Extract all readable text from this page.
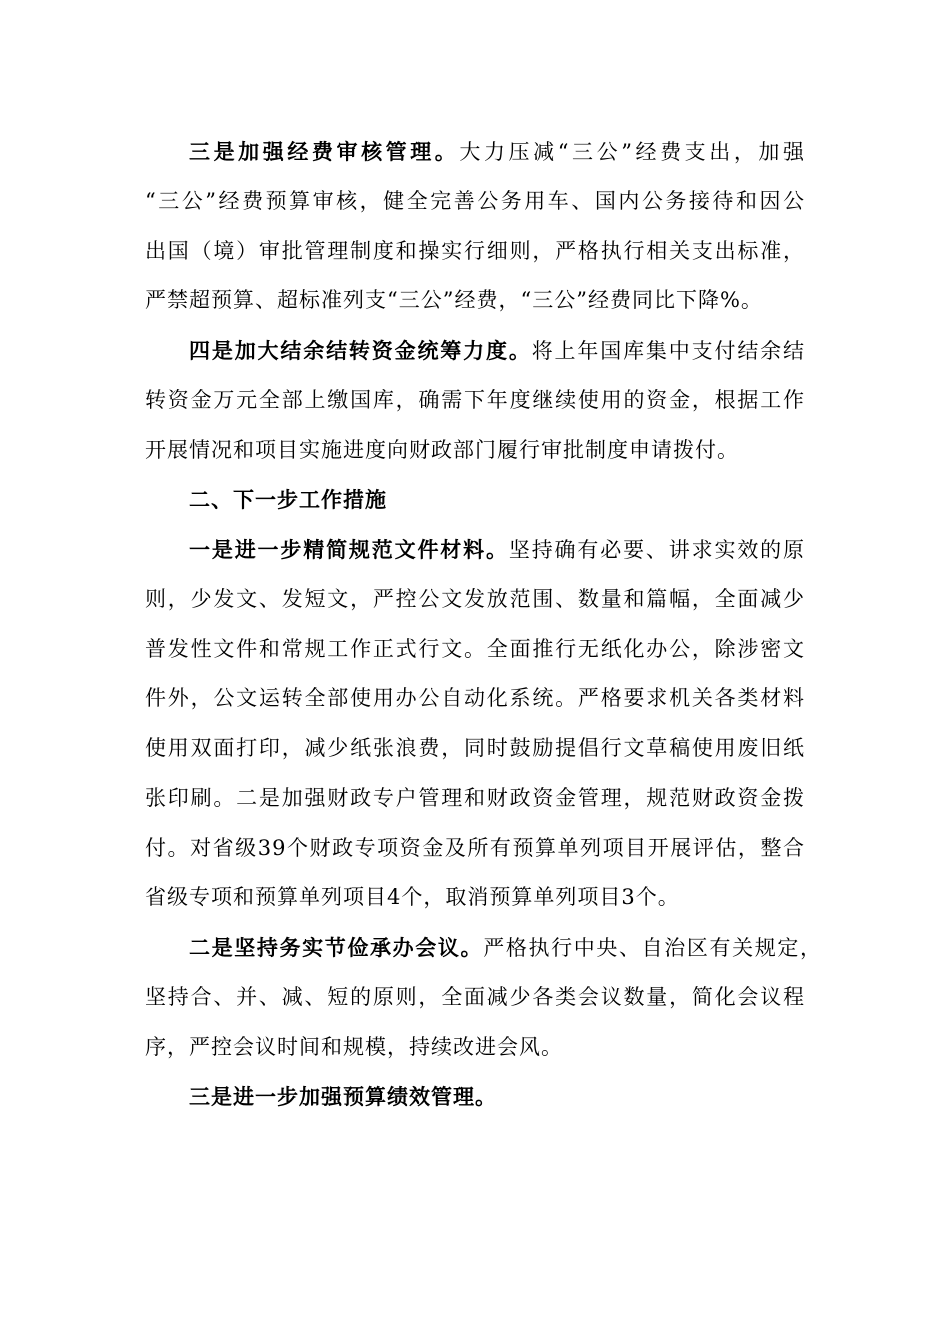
三是加强经费审核管理。大力压减“三公”经费支出，加强
“三公”经费预算审核，健全完善公务用车、国内公务接待和因公
出国（境）审批管理制度和操实行细则，严格执行相关支出标准，
严禁超预算、超标准列支“三公”经费，“三公”经费同比下降%。
四是加大结余结转资金统筹力度。将上年国库集中支付结余结
转资金万元全部上缴国库，确需下年度继续使用的资金，根据工作
开展情况和项目实施进度向财政部门履行审批制度申请拨付。
二、下一步工作措施
一是进一步精简规范文件材料。坚持确有必要、讲求实效的原
则，少发文、发短文，严控公文发放范围、数量和篇幅，全面减少
普发性文件和常规工作正式行文。全面推行无纸化办公，除涉密文
件外，公文运转全部使用办公自动化系统。严格要求机关各类材料
使用双面打印，减少纸张浪费，同时鼓励提倡行文草稿使用废旧纸
张印刷。二是加强财政专户管理和财政资金管理，规范财政资金拨
付。对省级39个财政专项资金及所有预算单列项目开展评估，整合
省级专项和预算单列项目4个，取消预算单列项目3个。
二是坚持务实节俭承办会议。严格执行中央、自治区有关规定，
坚持合、并、减、短的原则，全面减少各类会议数量，简化会议程
序，严控会议时间和规模，持续改进会风。
三是进一步加强预算绩效管理。
